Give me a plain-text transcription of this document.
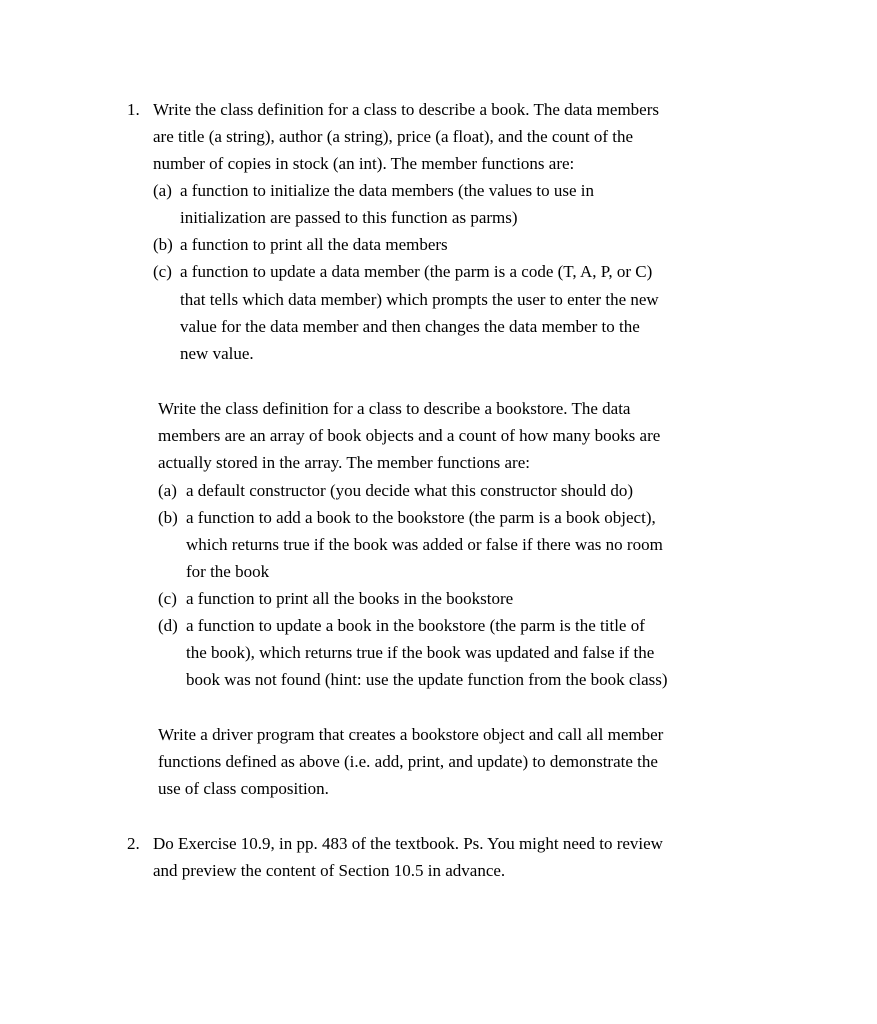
1. Write the class definition for a class to describe a book. The data members
are title (a string), author (a string), price (a float), and the count of the
number of copies in stock (an int). The member functions are:
(a) a function to initialize the data members (the values to use in
initialization are passed to this function as parms)
(b) a function to print all the data members
(c) a function to update a data member (the parm is a code (T, A, P, or C)
that tells which data member) which prompts the user to enter the new
value for the data member and then changes the data member to the
new value.
Write the class definition for a class to describe a bookstore. The data
members are an array of book objects and a count of how many books are
actually stored in the array. The member functions are:
(a) a default constructor (you decide what this constructor should do)
(b) a function to add a book to the bookstore (the parm is a book object),
which returns true if the book was added or false if there was no room
for the book
(c) a function to print all the books in the bookstore
(d) a function to update a book in the bookstore (the parm is the title of
the book), which returns true if the book was updated and false if the
book was not found (hint: use the update function from the book class)
Write a driver program that creates a bookstore object and call all member
functions defined as above (i.e. add, print, and update) to demonstrate the
use of class composition.
2. Do Exercise 10.9, in pp. 483 of the textbook. Ps. You might need to review
and preview the content of Section 10.5 in advance.
